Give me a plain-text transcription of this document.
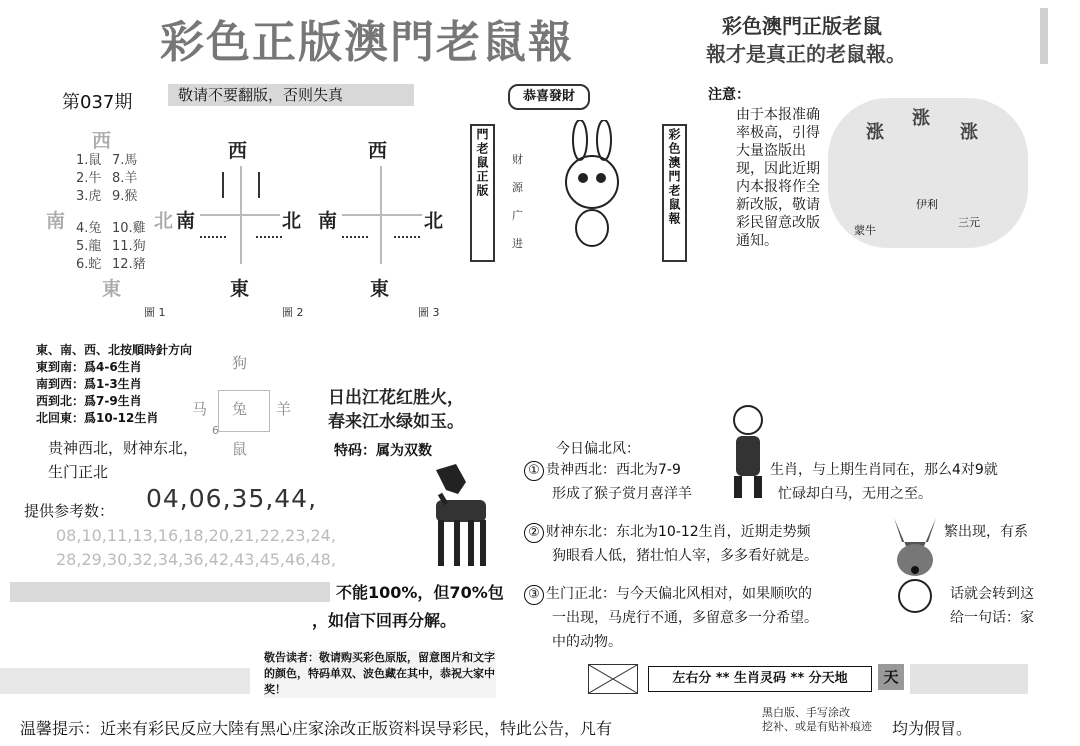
彩色正版澳門老鼠報	彩色澳門正版老鼠
報才是真正的老鼠報。
第037期	敬请不要翻版，否则失真
西
南	北
東
1.鼠
2.牛
3.虎
4.兔
5.龍
6.蛇
7.馬
8.羊
9.猴
10.雞
11.狗
12.豬
圖 1
西
南	北
東
圖 2
西
南	北
東
圖 3
東、南、西、北按順時針方向
東到南：爲4-6生肖
南到西：爲1-3生肖
西到北：爲7-9生肖
北回東：爲10-12生肖
狗
马 兔 羊
鼠
6
日出江花红胜火，
春来江水绿如玉。
特码：属为双数
贵神西北，财神东北，
生门正北
提供参考数： 04,06,35,44,
08,10,11,13,16,18,20,21,22,23,24,
28,29,30,32,34,36,42,43,45,46,48,
不能100%，但70%包
，如信下回再分解。
恭喜發財
門老鼠正版	彩色澳門老鼠報
财
源
广
进
注意：
由于本报准确率极高，引得大量盗版出现，因此近期内本报将作全新改版，敬请彩民留意改版通知。
涨
涨
涨
蒙牛
伊利
三元
今日偏北风：
① 贵神西北：西北为7-9	生肖，与上期生肖同在，那么4对9就
形成了猴子赏月喜洋羊	忙碌却白马，无用之至。
② 财神东北：东北为10-12生肖，近期走势频	繁出现，有系
狗眼看人低，猪壮怕人宰，多多看好就是。
③ 生门正北：与今天偏北风相对，如果顺吹的	话就会转到这
一出现，马虎行不通，多留意多一分希望。	给一句话：家
中的动物。
敬告读者：敬请购买彩色原版，留意图片和文字的颜色，特码单双、波色藏在其中，恭祝大家中奖！
左右分 ** 生肖灵码 ** 分天地	天
温馨提示：近来有彩民反应大陸有黑心庄家涂改正版资料误导彩民，特此公告，凡有
黑白版、手写涂改
挖补、或是有贴补痕迹 均为假冒。
